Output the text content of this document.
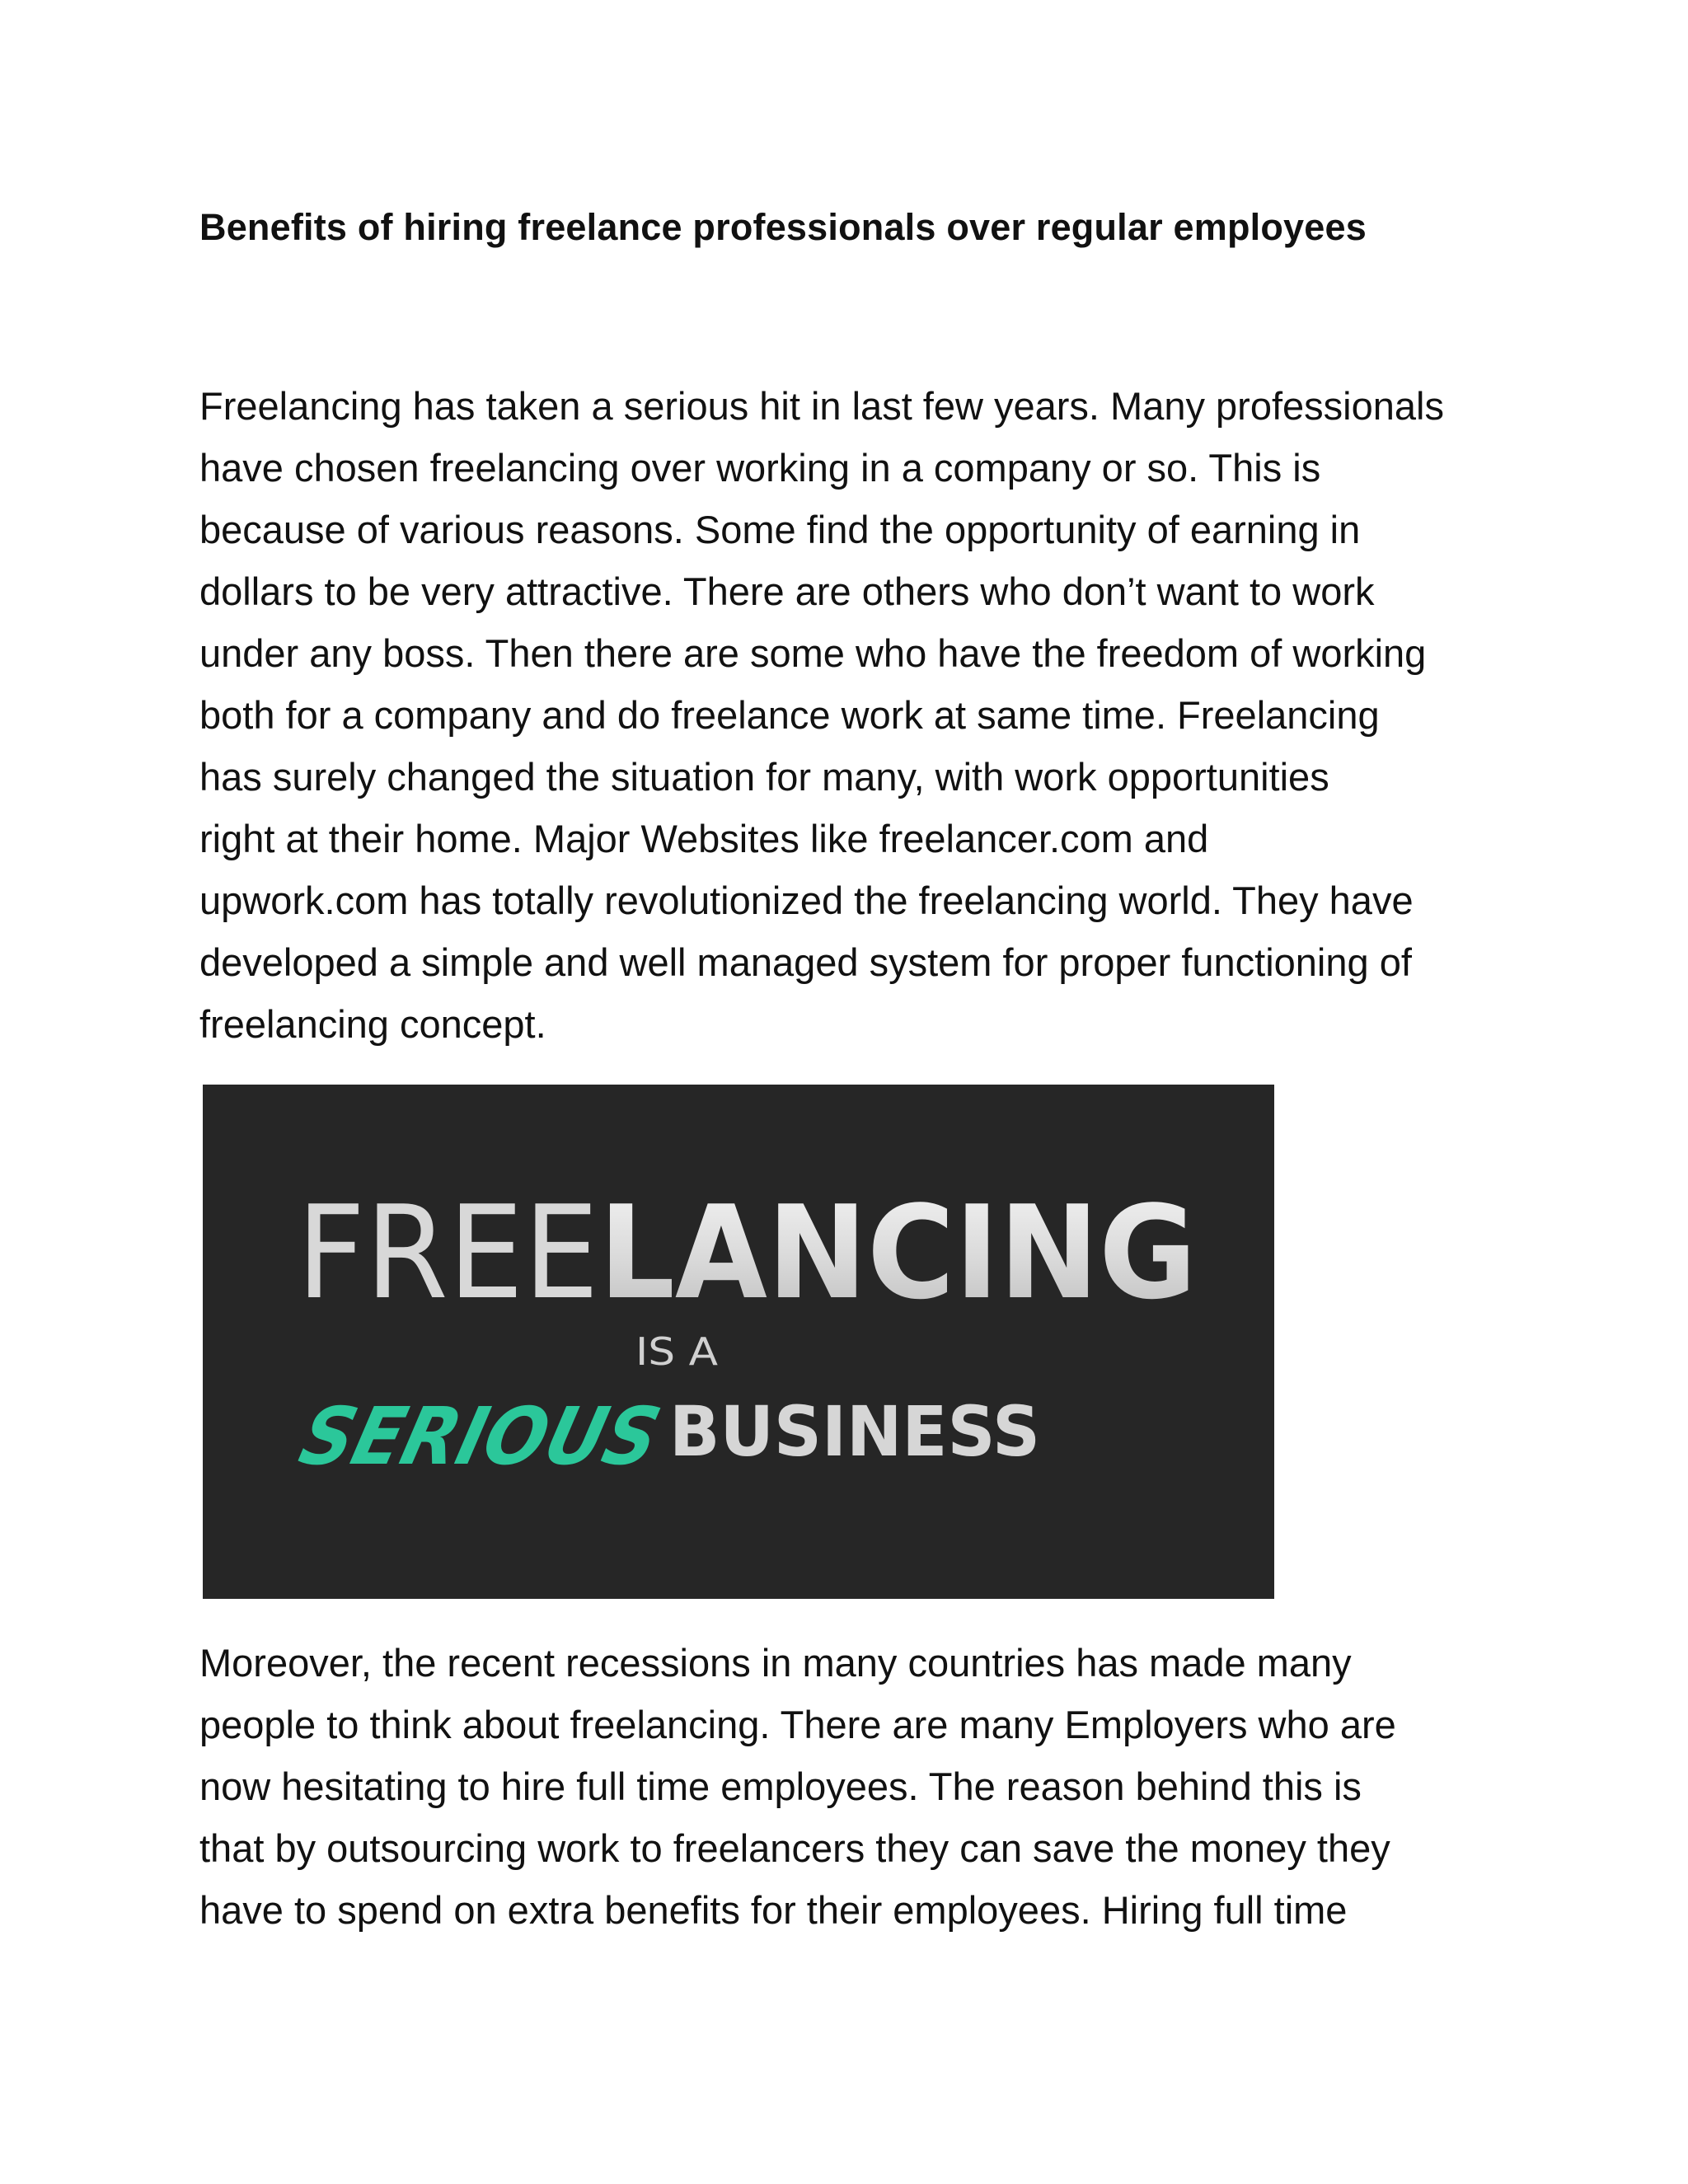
Benefits of hiring freelance professionals over regular employees
Freelancing has taken a serious hit in last few years. Many professionals
have chosen freelancing over working in a company or so. This is
because of various reasons. Some find the opportunity of earning in
dollars to be very attractive. There are others who don’t want to work
under any boss. Then there are some who have the freedom of working
both for a company and do freelance work at same time. Freelancing
has surely changed the situation for many, with work opportunities
right at their home. Major Websites like freelancer.com and
upwork.com has totally revolutionized the freelancing world. They have
developed a simple and well managed system for proper functioning of
freelancing concept.
FREELANCING
IS A
SERIOUS
BUSINESS
Moreover, the recent recessions in many countries has made many
people to think about freelancing. There are many Employers who are
now hesitating to hire full time employees. The reason behind this is
that by outsourcing work to freelancers they can save the money they
have to spend on extra benefits for their employees. Hiring full time
